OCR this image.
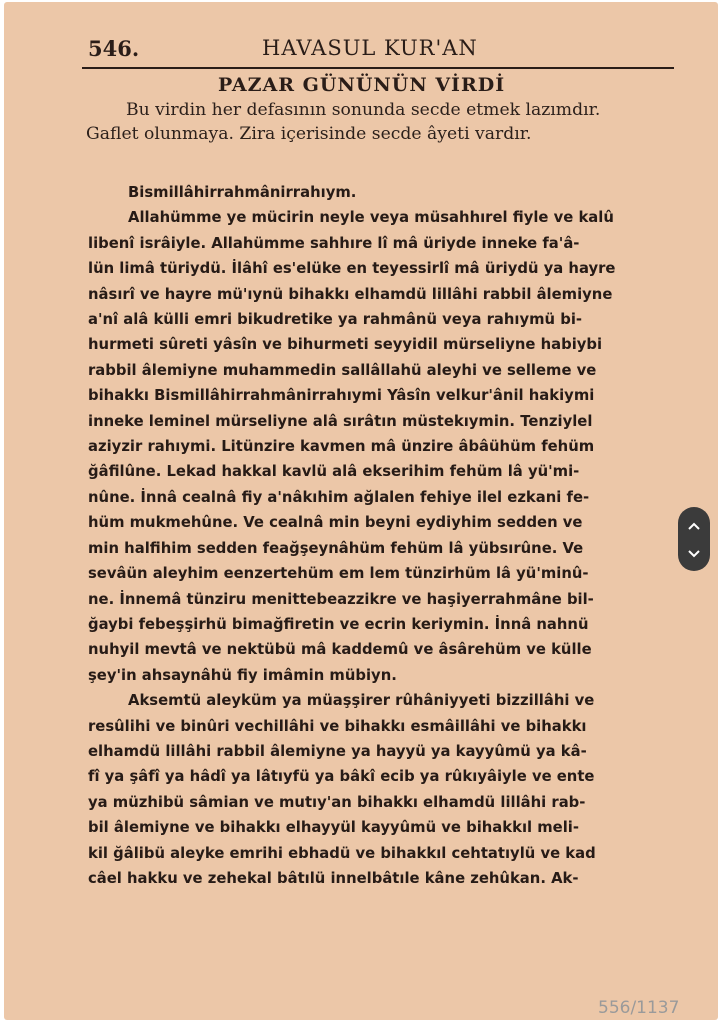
546.	HAVASUL KUR'AN
PAZAR GÜNÜNÜN VİRDİ

Bu virdin her defasının sonunda secde etmek lazımdır.
Gaflet olunmaya. Zira içerisinde secde âyeti vardır.

Bismillâhirrahmânirrahıym.
Allahümme ye mücirin neyle veya müsahhırel fiyle ve kalû
libenî isrâiyle. Allahümme sahhıre lî mâ üriyde inneke fa'â-
lün limâ türiydü. İlâhî es'elüke en teyessirlî mâ üriydü ya hayre
nâsırî ve hayre mü'ıynü bihakkı elhamdü lillâhi rabbil âlemiyne
a'nî alâ külli emri bikudretike ya rahmânü veya rahıymü bi-
hurmeti sûreti yâsîn ve bihurmeti seyyidil mürseliyne habiybi
rabbil âlemiyne muhammedin sallâllahü aleyhi ve selleme ve
bihakkı Bismillâhirrahmânirrahıymi Yâsîn velkur'ânil hakiymi
inneke leminel mürseliyne alâ sırâtın müstekıymin. Tenziylel
aziyzir rahıymi. Litünzire kavmen mâ ünzire âbâühüm fehüm
ğâfilûne. Lekad hakkal kavlü alâ ekserihim fehüm lâ yü'mi-
nûne. İnnâ cealnâ fiy a'nâkıhim ağlalen fehiye ilel ezkani fe-
hüm mukmehûne. Ve cealnâ min beyni eydiyhim sedden ve
min halfihim sedden feağşeynâhüm fehüm lâ yübsırûne. Ve
sevâün aleyhim eenzertehüm em lem tünzirhüm lâ yü'minû-
ne. İnnemâ tünziru menittebeazzikre ve haşiyerrahmâne bil-
ğaybi febeşşirhü bimağfiretin ve ecrin keriymin. İnnâ nahnü
nuhyil mevtâ ve nektübü mâ kaddemû ve âsârehüm ve külle
şey'in ahsaynâhü fiy imâmin mübiyn.
Aksemtü aleyküm ya müaşşirer rûhâniyyeti bizzillâhi ve
resûlihi ve binûri vechillâhi ve bihakkı esmâillâhi ve bihakkı
elhamdü lillâhi rabbil âlemiyne ya hayyü ya kayyûmü ya kâ-
fî ya şâfî ya hâdî ya lâtıyfü ya bâkî ecib ya rûkıyâiyle ve ente
ya müzhibü sâmian ve mutıy'an bihakkı elhamdü lillâhi rab-
bil âlemiyne ve bihakkı elhayyül kayyûmü ve bihakkıl meli-
kil ğâlibü aleyke emrihi ebhadü ve bihakkıl cehtatıylü ve kad
câel hakku ve zehekal bâtılü innelbâtıle kâne zehûkan. Ak-
556/1137
